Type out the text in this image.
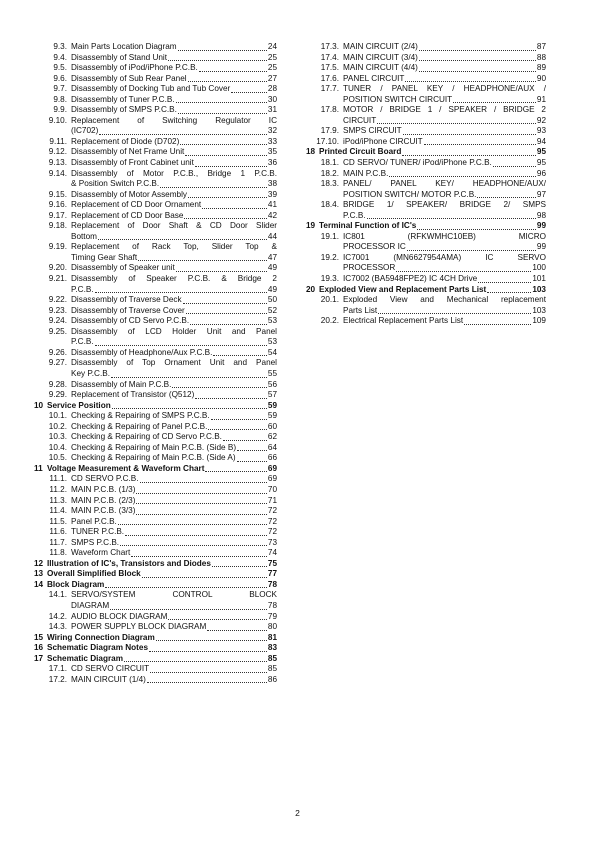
9.3. Main Parts Location Diagram	24
9.4. Disassembly of Stand Unit	25
9.5. Disassembly of iPod/iPhone P.C.B.	25
9.6. Disassembly of Sub Rear Panel	27
9.7. Disassembly of Docking Tub and Tub Cover	28
9.8. Disassembly of Tuner P.C.B.	30
9.9. Disassembly of SMPS P.C.B.	31
9.10. Replacement of Switching Regulator IC
(IC702)	32
9.11. Replacement of Diode (D702)	33
9.12. Disassembly of Net Frame Unit	35
9.13. Disassembly of Front Cabinet unit	36
9.14. Disassembly of Motor P.C.B., Bridge 1 P.C.B.
& Position Switch P.C.B.	38
9.15. Disassembly of Motor Assembly	39
9.16. Replacement of CD Door Ornament	41
9.17. Replacement of CD Door Base	42
9.18. Replacement of Door Shaft & CD Door Slider
Bottom	44
9.19. Replacement of Rack Top, Slider Top &
Timing Gear Shaft	47
9.20. Disassembly of Speaker unit	49
9.21. Disassembly of Speaker P.C.B. & Bridge 2
P.C.B.	49
9.22. Disassembly of Traverse Deck	50
9.23. Disassembly of Traverse Cover	52
9.24. Disassembly of CD Servo P.C.B.	53
9.25. Disassembly of LCD Holder Unit and Panel
P.C.B.	53
9.26. Disassembly of Headphone/Aux P.C.B.	54
9.27. Disassembly of Top Ornament Unit and Panel
Key P.C.B.	55
9.28. Disassembly of Main P.C.B.	56
9.29. Replacement of Transistor (Q512)	57
10 Service Position	59
10.1. Checking & Repairing of SMPS P.C.B.	59
10.2. Checking & Repairing of Panel P.C.B.	60
10.3. Checking & Repairing of CD Servo P.C.B.	62
10.4. Checking & Repairing of Main P.C.B. (Side B)	64
10.5. Checking & Repairing of Main P.C.B. (Side A)	66
11 Voltage Measurement & Waveform Chart	69
11.1. CD SERVO P.C.B.	69
11.2. MAIN P.C.B. (1/3)	70
11.3. MAIN P.C.B. (2/3)	71
11.4. MAIN P.C.B. (3/3)	72
11.5. Panel P.C.B.	72
11.6. TUNER P.C.B.	72
11.7. SMPS P.C.B.	73
11.8. Waveform Chart	74
12 Illustration of IC's, Transistors and Diodes	75
13 Overall Simplified Block	77
14 Block Diagram	78
14.1. SERVO/SYSTEM CONTROL BLOCK
DIAGRAM	78
14.2. AUDIO BLOCK DIAGRAM	79
14.3. POWER SUPPLY BLOCK DIAGRAM	80
15 Wiring Connection Diagram	81
16 Schematic Diagram Notes	83
17 Schematic Diagram	85
17.1. CD SERVO CIRCUIT	85
17.2. MAIN CIRCUIT (1/4)	86
17.3. MAIN CIRCUIT (2/4)	87
17.4. MAIN CIRCUIT (3/4)	88
17.5. MAIN CIRCUIT (4/4)	89
17.6. PANEL CIRCUIT	90
17.7. TUNER / PANEL KEY / HEADPHONE/AUX /
POSITION SWITCH CIRCUIT	91
17.8. MOTOR / BRIDGE 1 / SPEAKER / BRIDGE 2
CIRCUIT	92
17.9. SMPS CIRCUIT	93
17.10. iPod/iPhone CIRCUIT	94
18 Printed Circuit Board	95
18.1. CD SERVO/ TUNER/ iPod/iPhone P.C.B.	95
18.2. MAIN P.C.B.	96
18.3. PANEL/ PANEL KEY/ HEADPHONE/AUX/
POSITION SWITCH/ MOTOR P.C.B.	97
18.4. BRIDGE 1/ SPEAKER/ BRIDGE 2/ SMPS
P.C.B.	98
19 Terminal Function of IC's	99
19.1. IC801 (RFKWMHC10EB) MICRO
PROCESSOR IC	99
19.2. IC7001 (MN6627954AMA) IC SERVO
PROCESSOR	100
19.3. IC7002 (BA5948FPE2) IC 4CH Drive	101
20 Exploded View and Replacement Parts List	103
20.1. Exploded View and Mechanical replacement
Parts List	103
20.2. Electrical Replacement Parts List	109
2
